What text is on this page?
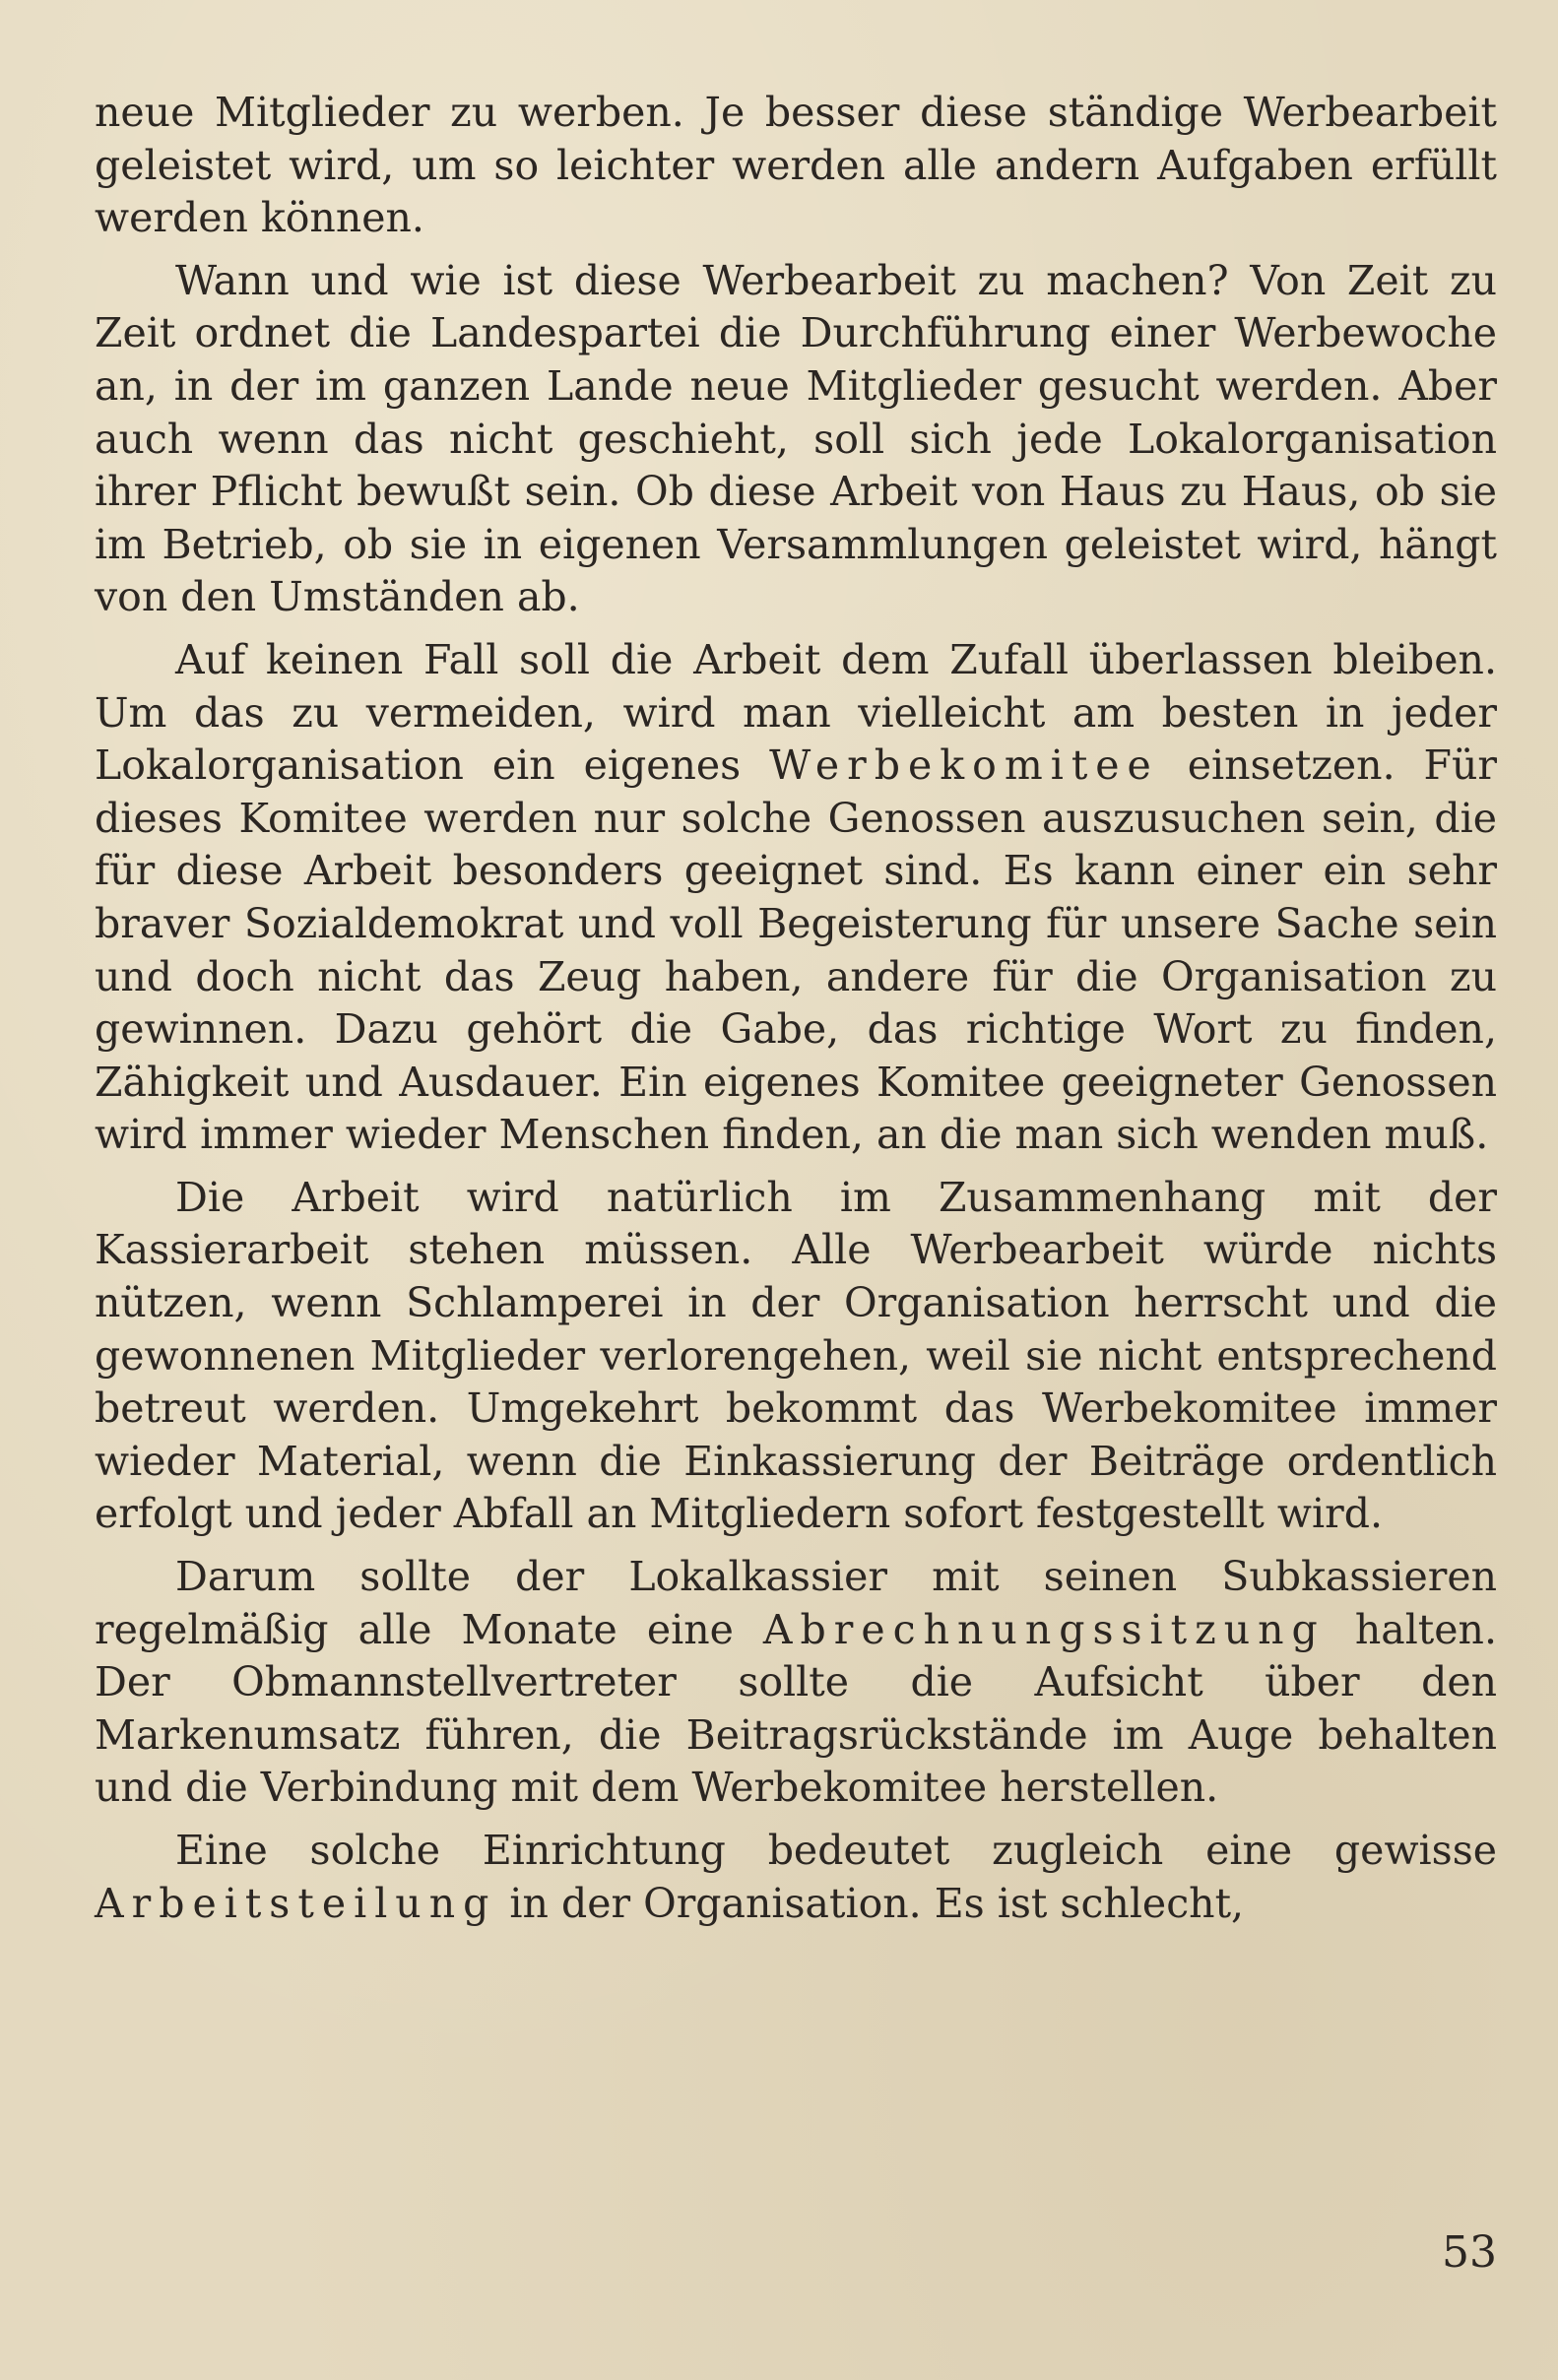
neue Mitglieder zu werben. Je besser diese ständige Werbearbeit geleistet wird, um so leichter werden alle andern Aufgaben erfüllt werden können.

Wann und wie ist diese Werbearbeit zu machen? Von Zeit zu Zeit ordnet die Landespartei die Durchführung einer Werbewoche an, in der im ganzen Lande neue Mitglieder gesucht werden. Aber auch wenn das nicht geschieht, soll sich jede Lokalorganisation ihrer Pflicht bewußt sein. Ob diese Arbeit von Haus zu Haus, ob sie im Betrieb, ob sie in eigenen Versammlungen geleistet wird, hängt von den Umständen ab.

Auf keinen Fall soll die Arbeit dem Zufall überlassen bleiben. Um das zu vermeiden, wird man vielleicht am besten in jeder Lokalorganisation ein eigenes Werbekomitee einsetzen. Für dieses Komitee werden nur solche Genossen auszusuchen sein, die für diese Arbeit besonders geeignet sind. Es kann einer ein sehr braver Sozialdemokrat und voll Begeisterung für unsere Sache sein und doch nicht das Zeug haben, andere für die Organisation zu gewinnen. Dazu gehört die Gabe, das richtige Wort zu finden, Zähigkeit und Ausdauer. Ein eigenes Komitee geeigneter Genossen wird immer wieder Menschen finden, an die man sich wenden muß.

Die Arbeit wird natürlich im Zusammenhang mit der Kassierarbeit stehen müssen. Alle Werbearbeit würde nichts nützen, wenn Schlamperei in der Organisation herrscht und die gewonnenen Mitglieder verlorengehen, weil sie nicht entsprechend betreut werden. Umgekehrt bekommt das Werbekomitee immer wieder Material, wenn die Einkassierung der Beiträge ordentlich erfolgt und jeder Abfall an Mitgliedern sofort festgestellt wird.

Darum sollte der Lokalkassier mit seinen Subkassieren regelmäßig alle Monate eine Abrechnungssitzung halten. Der Obmannstellvertreter sollte die Aufsicht über den Markenumsatz führen, die Beitragsrückstände im Auge behalten und die Verbindung mit dem Werbekomitee herstellen.

Eine solche Einrichtung bedeutet zugleich eine gewisse Arbeitsteilung in der Organisation. Es ist schlecht,

53
